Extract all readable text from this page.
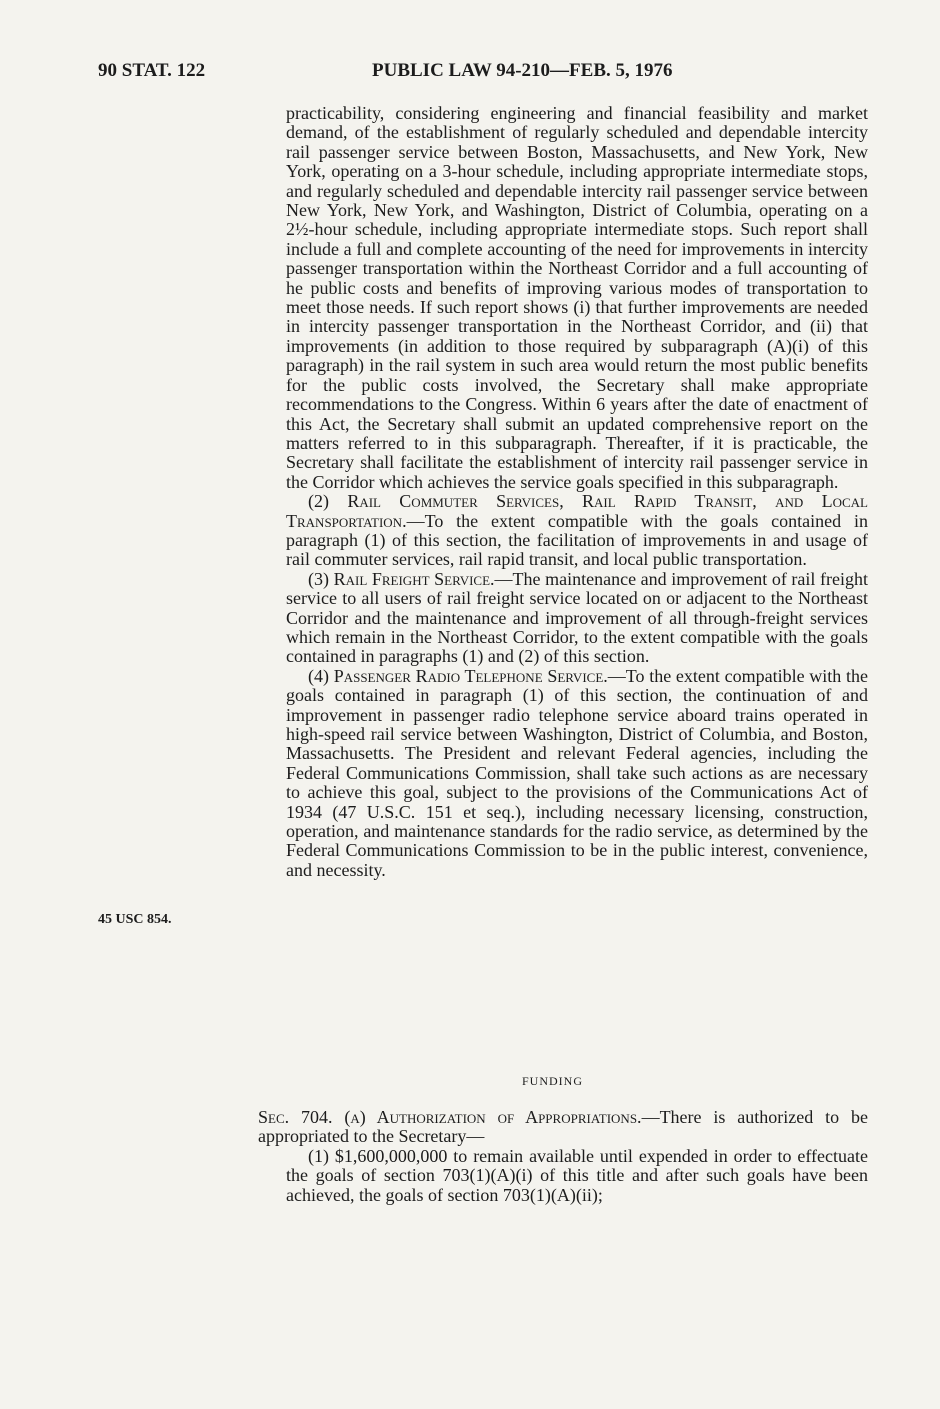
90 STAT. 122	PUBLIC LAW 94-210—FEB. 5, 1976

practicability, considering engineering and financial feasibility and market demand, of the establishment of regularly scheduled and dependable intercity rail passenger service between Boston, Massachusetts, and New York, New York, operating on a 3-hour schedule, including appropriate intermediate stops, and regularly scheduled and dependable intercity rail passenger service between New York, New York, and Washington, District of Columbia, operating on a 2½-hour schedule, including appropriate intermediate stops. Such report shall include a full and complete accounting of the need for improvements in intercity passenger transportation within the Northeast Corridor and a full accounting of he public costs and benefits of improving various modes of transportation to meet those needs. If such report shows (i) that further improvements are needed in intercity passenger transportation in the Northeast Corridor, and (ii) that improvements (in addition to those required by subparagraph (A)(i) of this paragraph) in the rail system in such area would return the most public benefits for the public costs involved, the Secretary shall make appropriate recommendations to the Congress. Within 6 years after the date of enactment of this Act, the Secretary shall submit an updated comprehensive report on the matters referred to in this subparagraph. Thereafter, if it is practicable, the Secretary shall facilitate the establishment of intercity rail passenger service in the Corridor which achieves the service goals specified in this subparagraph.

(2) Rail Commuter Services, Rail Rapid Transit, and Local Transportation.—To the extent compatible with the goals contained in paragraph (1) of this section, the facilitation of improvements in and usage of rail commuter services, rail rapid transit, and local public transportation.

(3) Rail Freight Service.—The maintenance and improvement of rail freight service to all users of rail freight service located on or adjacent to the Northeast Corridor and the maintenance and improvement of all through-freight services which remain in the Northeast Corridor, to the extent compatible with the goals contained in paragraphs (1) and (2) of this section.

(4) Passenger Radio Telephone Service.—To the extent compatible with the goals contained in paragraph (1) of this section, the continuation of and improvement in passenger radio telephone service aboard trains operated in high-speed rail service between Washington, District of Columbia, and Boston, Massachusetts. The President and relevant Federal agencies, including the Federal Communications Commission, shall take such actions as are necessary to achieve this goal, subject to the provisions of the Communications Act of 1934 (47 U.S.C. 151 et seq.), including necessary licensing, construction, operation, and maintenance standards for the radio service, as determined by the Federal Communications Commission to be in the public interest, convenience, and necessity.

FUNDING
45 USC 854.

Sec. 704. (a) Authorization of Appropriations.—There is authorized to be appropriated to the Secretary—

(1) $1,600,000,000 to remain available until expended in order to effectuate the goals of section 703(1)(A)(i) of this title and after such goals have been achieved, the goals of section 703(1)(A)(ii);
